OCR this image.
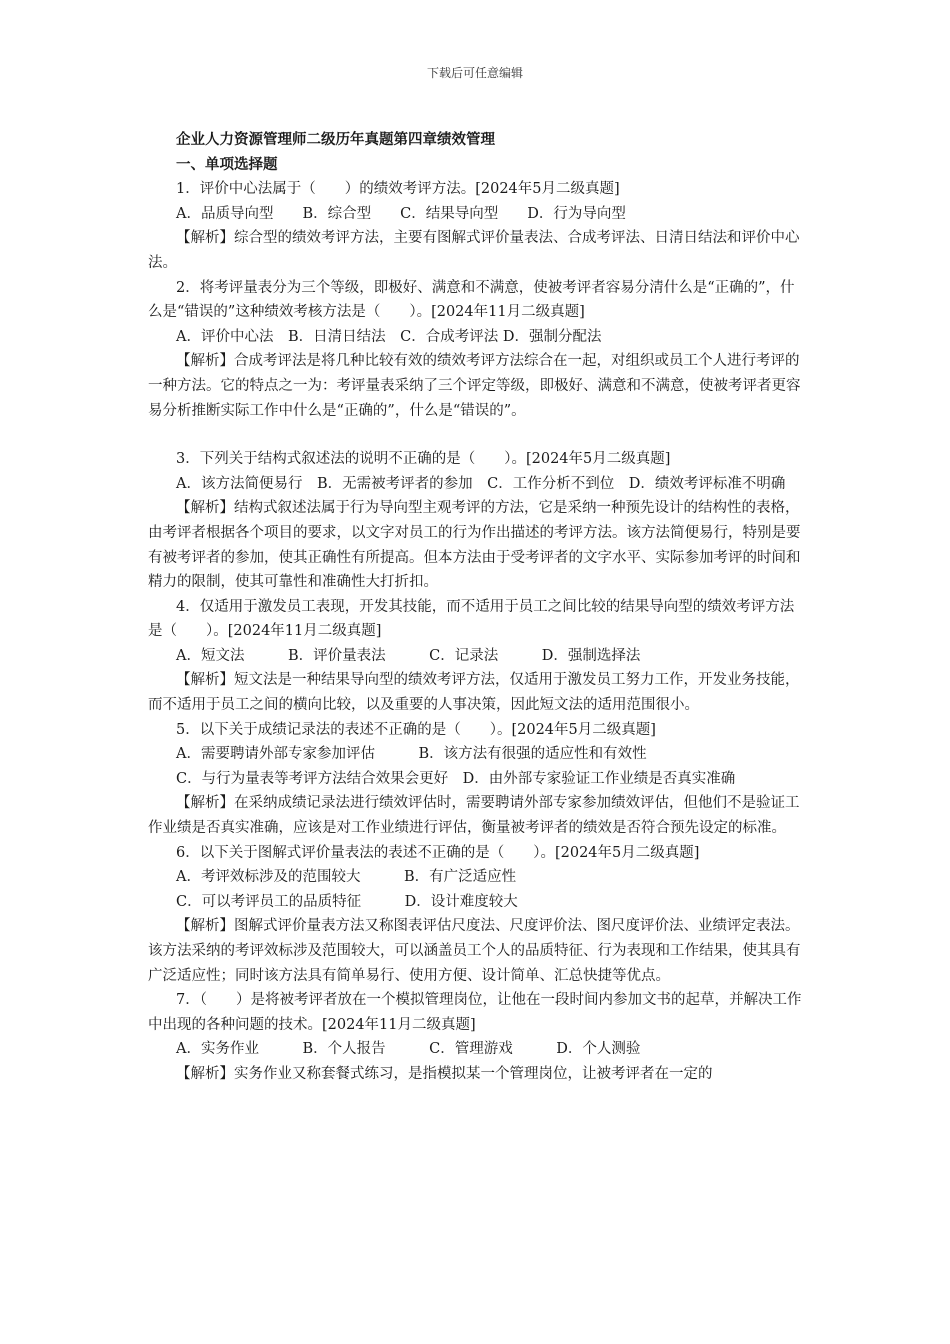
下载后可任意编辑

企业人力资源管理师二级历年真题第四章绩效管理

一、单项选择题

1．评价中心法属于（　　）的绩效考评方法。[2024年5月二级真题]

A．品质导向型　　B．综合型　　C．结果导向型　　D．行为导向型

【解析】综合型的绩效考评方法，主要有图解式评价量表法、合成考评法、日清日结法和评价中心法。

2．将考评量表分为三个等级，即极好、满意和不满意，使被考评者容易分清什么是“正确的”，什么是“错误的”这种绩效考核方法是（　　）。[2024年11月二级真题]

A．评价中心法　B．日清日结法　C．合成考评法 D．强制分配法

【解析】合成考评法是将几种比较有效的绩效考评方法综合在一起，对组织或员工个人进行考评的一种方法。它的特点之一为：考评量表采纳了三个评定等级，即极好、满意和不满意，使被考评者更容易分析推断实际工作中什么是“正确的”，什么是“错误的”。

3．下列关于结构式叙述法的说明不正确的是（　　）。[2024年5月二级真题]

A．该方法简便易行　B．无需被考评者的参加　C．工作分析不到位　D．绩效考评标准不明确

【解析】结构式叙述法属于行为导向型主观考评的方法，它是采纳一种预先设计的结构性的表格，由考评者根据各个项目的要求，以文字对员工的行为作出描述的考评方法。该方法简便易行，特别是要有被考评者的参加，使其正确性有所提高。但本方法由于受考评者的文字水平、实际参加考评的时间和精力的限制，使其可靠性和准确性大打折扣。

4．仅适用于激发员工表现，开发其技能，而不适用于员工之间比较的结果导向型的绩效考评方法是（　　）。[2024年11月二级真题]

A．短文法　　　B．评价量表法　　　C．记录法　　　D．强制选择法

【解析】短文法是一种结果导向型的绩效考评方法，仅适用于激发员工努力工作，开发业务技能，而不适用于员工之间的横向比较，以及重要的人事决策，因此短文法的适用范围很小。

5．以下关于成绩记录法的表述不正确的是（　　）。[2024年5月二级真题]

A．需要聘请外部专家参加评估　　　B．该方法有很强的适应性和有效性

C．与行为量表等考评方法结合效果会更好　D．由外部专家验证工作业绩是否真实准确

【解析】在采纳成绩记录法进行绩效评估时，需要聘请外部专家参加绩效评估，但他们不是验证工作业绩是否真实准确，应该是对工作业绩进行评估，衡量被考评者的绩效是否符合预先设定的标准。

6．以下关于图解式评价量表法的表述不正确的是（　　）。[2024年5月二级真题]

A．考评效标涉及的范围较大　　　B．有广泛适应性

C．可以考评员工的品质特征　　　D．设计难度较大

【解析】图解式评价量表方法又称图表评估尺度法、尺度评价法、图尺度评价法、业绩评定表法。该方法采纳的考评效标涉及范围较大，可以涵盖员工个人的品质特征、行为表现和工作结果，使其具有广泛适应性；同时该方法具有简单易行、使用方便、设计简单、汇总快捷等优点。

7．（　　）是将被考评者放在一个模拟管理岗位，让他在一段时间内参加文书的起草，并解决工作中出现的各种问题的技术。[2024年11月二级真题]

A．实务作业　　　B．个人报告　　　C．管理游戏　　　D．个人测验

【解析】实务作业又称套餐式练习，是指模拟某一个管理岗位，让被考评者在一定的
